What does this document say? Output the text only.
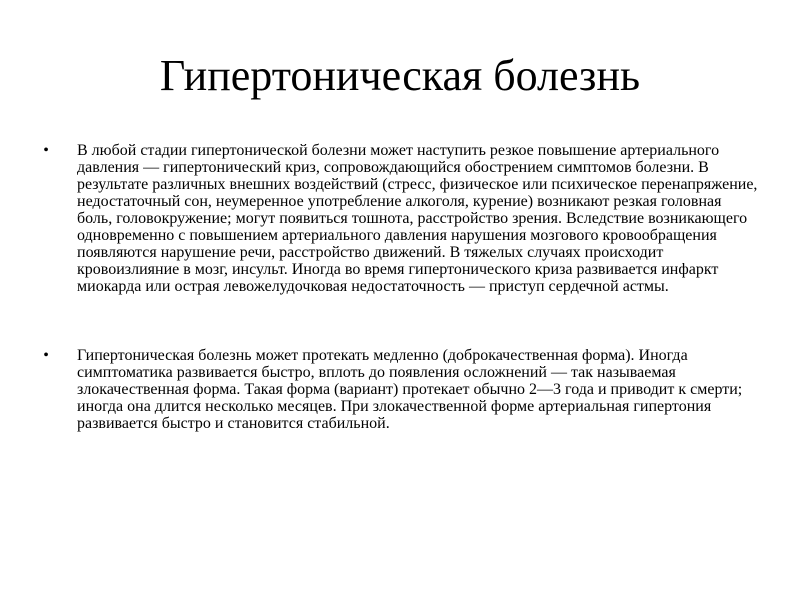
Гипертоническая болезнь
• В любой стадии гипертонической болезни может наступить резкое повышение артериального давления — гипертонический криз, сопровождающийся обострением симптомов болезни. В результате различных внешних воздействий (стресс, физическое или психическое перенапряжение, недостаточный сон, неумеренное употребление алкоголя, курение) возникают резкая головная боль, головокружение; могут появиться тошнота, расстройство зрения. Вследствие возникающего одновременно с повышением артериального давления нарушения мозгового кровообращения появляются нарушение речи, расстройство движений. В тяжелых случаях происходит кровоизлияние в мозг, инсульт. Иногда во время гипертонического криза развивается инфаркт миокарда или острая левожелудочковая недостаточность — приступ сердечной астмы.
• Гипертоническая болезнь может протекать медленно (доброкачественная форма). Иногда симптоматика развивается быстро, вплоть до появления осложнений — так называемая злокачественная форма. Такая форма (вариант) протекает обычно 2—3 года и приводит к смерти; иногда она длится несколько месяцев. При злокачественной форме артериальная гипертония развивается быстро и становится стабильной.
